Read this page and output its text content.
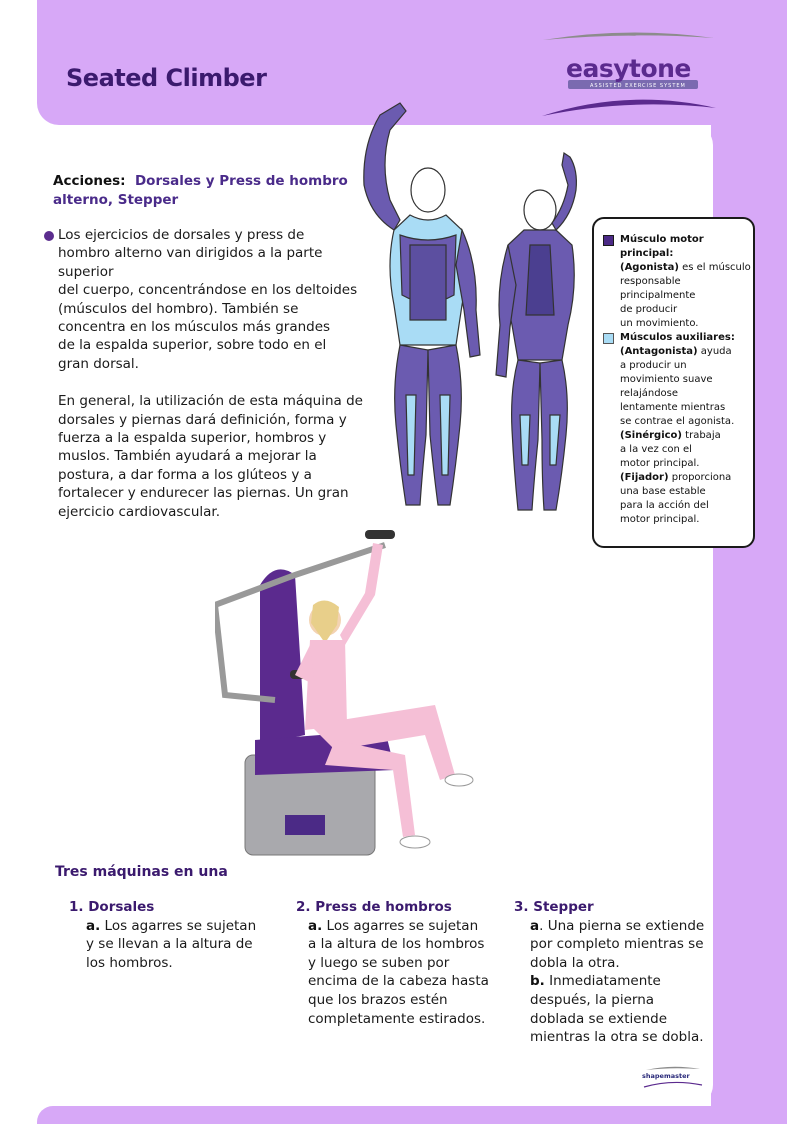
Seated Climber	easytone
ASSISTED EXERCISE SYSTEM
Acciones: Dorsales y Press de hombro alterno, Stepper

Los ejercicios de dorsales y press de
hombro alterno van dirigidos a la parte superior
del cuerpo, concentrándose en los deltoides
(músculos del hombro). También se
concentra en los músculos más grandes
de la espalda superior, sobre todo en el
gran dorsal.

En general, la utilización de esta máquina de
dorsales y piernas dará definición, forma y
fuerza a la espalda superior, hombros y
muslos. También ayudará a mejorar la
postura, a dar forma a los glúteos y a
fortalecer y endurecer las piernas. Un gran
ejercicio cardiovascular.

Músculo motor principal:
(Agonista) es el músculo
responsable
principalmente
de producir
un movimiento.
Músculos auxiliares:
(Antagonista) ayuda
a producir un
movimiento suave
relajándose
lentamente mientras
se contrae el agonista.
(Sinérgico) trabaja
a la vez con el
motor principal.
(Fijador) proporciona
una base estable
para la acción del
motor principal.
Tres máquinas en una
1. Dorsales
a. Los agarres se sujetan
y se llevan a la altura de
los hombros.
2. Press de hombros
a. Los agarres se sujetan
a la altura de los hombros
y luego se suben por
encima de la cabeza hasta
que los brazos estén
completamente estirados.
3. Stepper
a. Una pierna se extiende
por completo mientras se
dobla la otra.
b. Inmediatamente
después, la pierna
doblada se extiende
mientras la otra se dobla.
shapemaster
